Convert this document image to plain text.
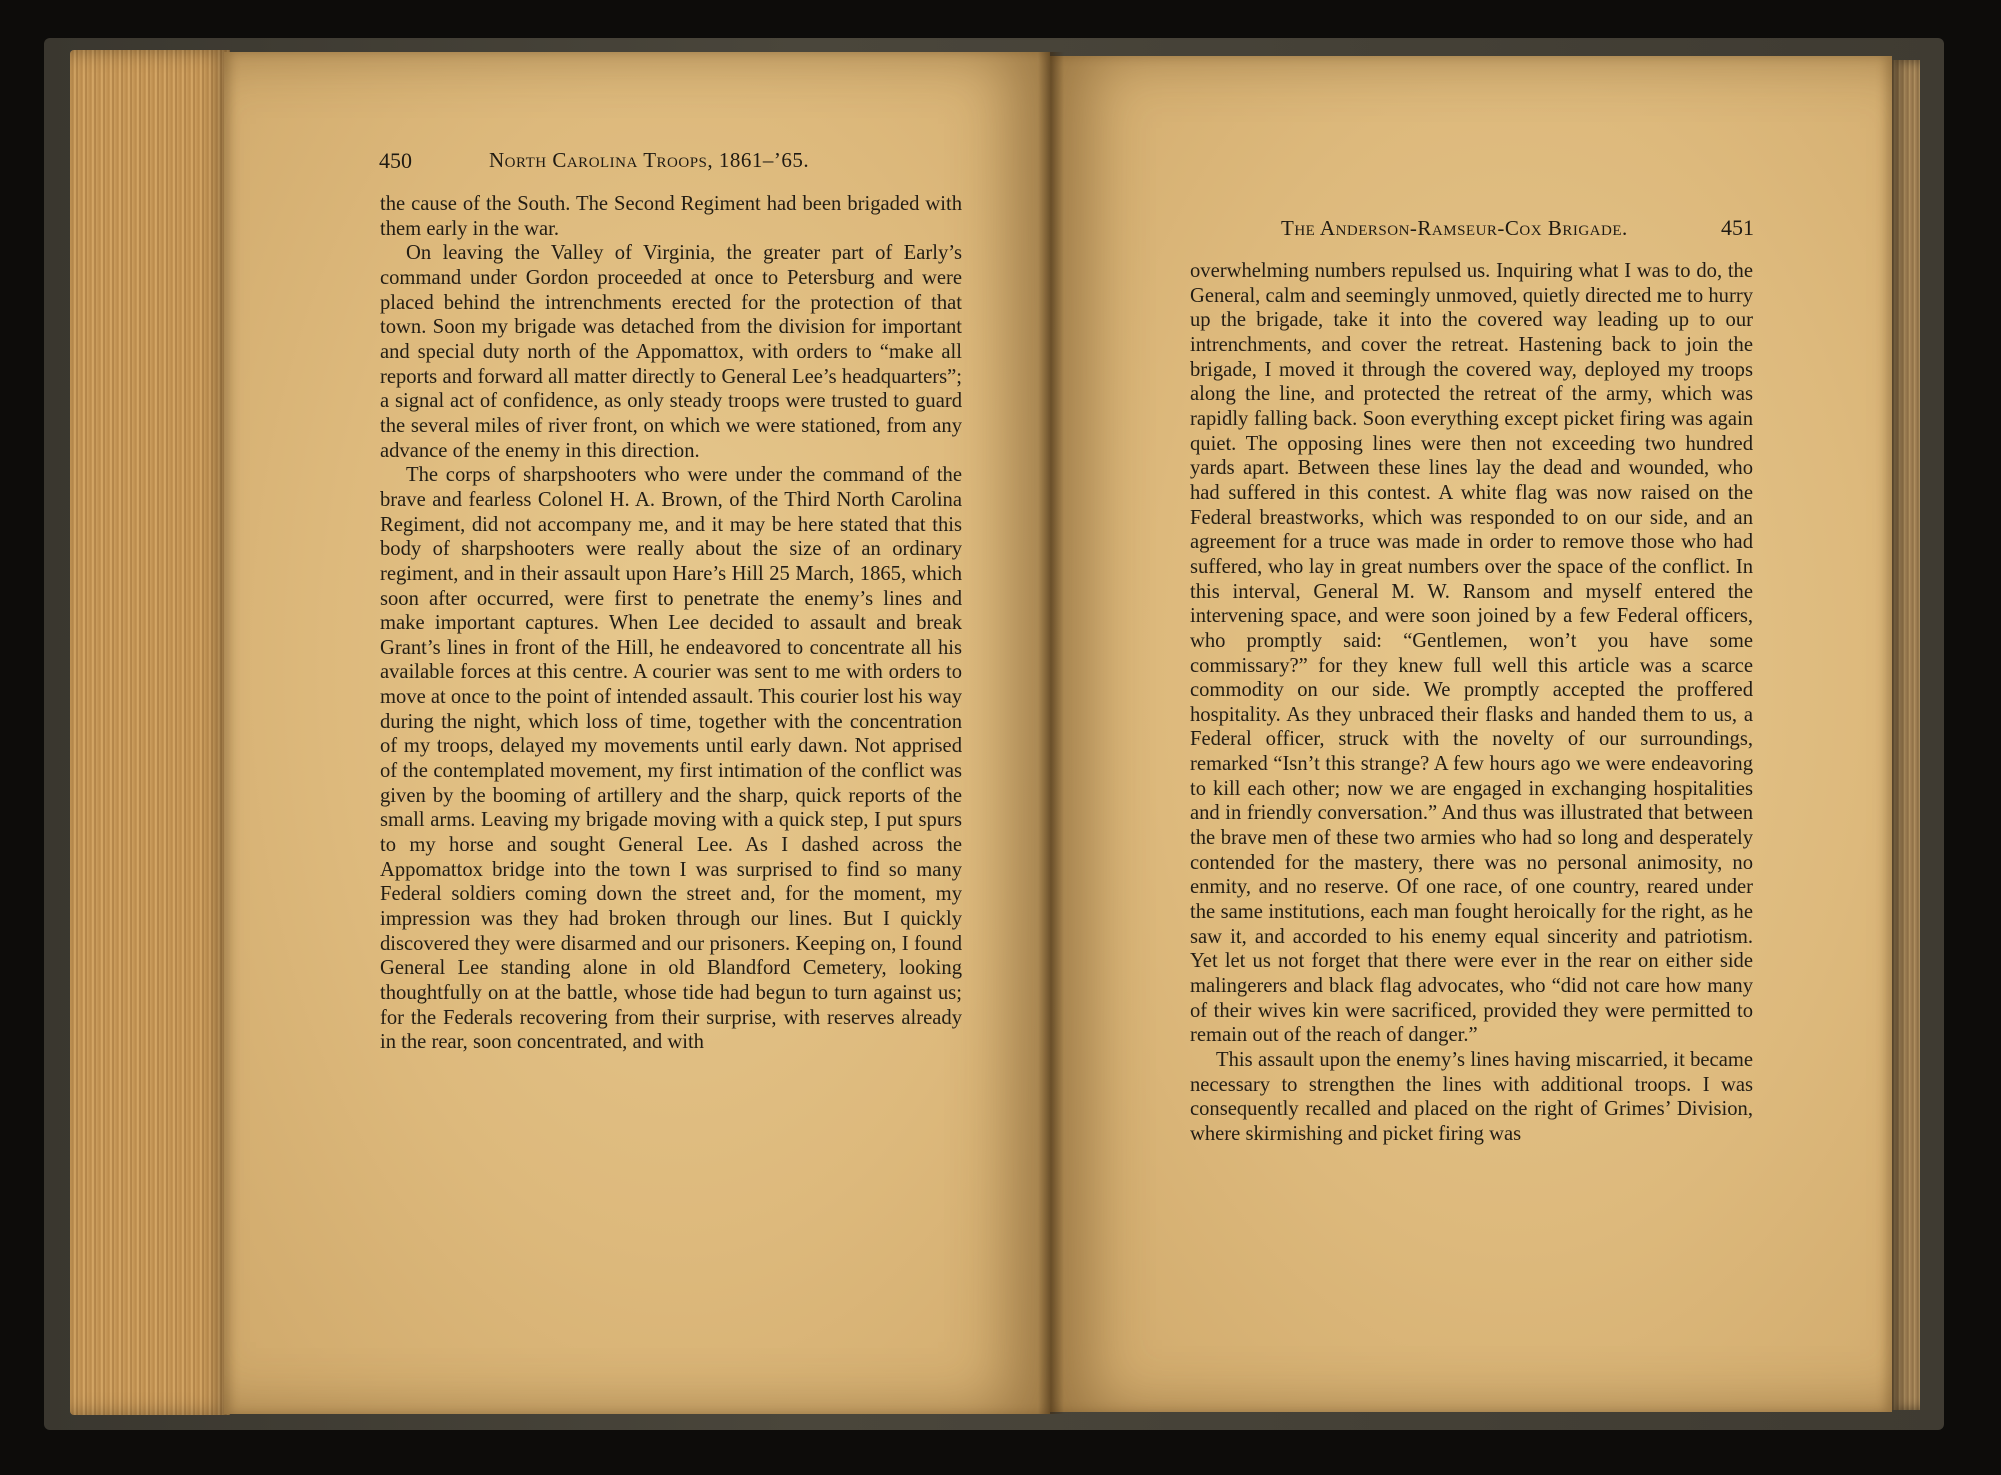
450	North Carolina Troops, 1861–’65.

the cause of the South. The Second Regiment had been brigaded with them early in the war.

On leaving the Valley of Virginia, the greater part of Early’s command under Gordon proceeded at once to Petersburg and were placed behind the intrenchments erected for the protection of that town. Soon my brigade was detached from the division for important and special duty north of the Appomattox, with orders to “make all reports and forward all matter directly to General Lee’s headquarters”; a signal act of confidence, as only steady troops were trusted to guard the several miles of river front, on which we were stationed, from any advance of the enemy in this direction.

The corps of sharpshooters who were under the command of the brave and fearless Colonel H. A. Brown, of the Third North Carolina Regiment, did not accompany me, and it may be here stated that this body of sharpshooters were really about the size of an ordinary regiment, and in their assault upon Hare’s Hill 25 March, 1865, which soon after occurred, were first to penetrate the enemy’s lines and make important captures. When Lee decided to assault and break Grant’s lines in front of the Hill, he endeavored to concentrate all his available forces at this centre. A courier was sent to me with orders to move at once to the point of intended assault. This courier lost his way during the night, which loss of time, together with the concentration of my troops, delayed my movements until early dawn. Not apprised of the contemplated movement, my first intimation of the conflict was given by the booming of artillery and the sharp, quick reports of the small arms. Leaving my brigade moving with a quick step, I put spurs to my horse and sought General Lee. As I dashed across the Appomattox bridge into the town I was surprised to find so many Federal soldiers coming down the street and, for the moment, my impression was they had broken through our lines. But I quickly discovered they were disarmed and our prisoners. Keeping on, I found General Lee standing alone in old Blandford Cemetery, looking thoughtfully on at the battle, whose tide had begun to turn against us; for the Federals recovering from their surprise, with reserves already in the rear, soon concentrated, and with

The Anderson-Ramseur-Cox Brigade.	451

overwhelming numbers repulsed us. Inquiring what I was to do, the General, calm and seemingly unmoved, quietly directed me to hurry up the brigade, take it into the covered way leading up to our intrenchments, and cover the retreat. Hastening back to join the brigade, I moved it through the covered way, deployed my troops along the line, and protected the retreat of the army, which was rapidly falling back. Soon everything except picket firing was again quiet. The opposing lines were then not exceeding two hundred yards apart. Between these lines lay the dead and wounded, who had suffered in this contest. A white flag was now raised on the Federal breastworks, which was responded to on our side, and an agreement for a truce was made in order to remove those who had suffered, who lay in great numbers over the space of the conflict. In this interval, General M. W. Ransom and myself entered the intervening space, and were soon joined by a few Federal officers, who promptly said: “Gentlemen, won’t you have some commissary?” for they knew full well this article was a scarce commodity on our side. We promptly accepted the proffered hospitality. As they unbraced their flasks and handed them to us, a Federal officer, struck with the novelty of our surroundings, remarked “Isn’t this strange? A few hours ago we were endeavoring to kill each other; now we are engaged in exchanging hospitalities and in friendly conversation.” And thus was illustrated that between the brave men of these two armies who had so long and desperately contended for the mastery, there was no personal animosity, no enmity, and no reserve. Of one race, of one country, reared under the same institutions, each man fought heroically for the right, as he saw it, and accorded to his enemy equal sincerity and patriotism. Yet let us not forget that there were ever in the rear on either side malingerers and black flag advocates, who “did not care how many of their wives kin were sacrificed, provided they were permitted to remain out of the reach of danger.”

This assault upon the enemy’s lines having miscarried, it became necessary to strengthen the lines with additional troops. I was consequently recalled and placed on the right of Grimes’ Division, where skirmishing and picket firing was
